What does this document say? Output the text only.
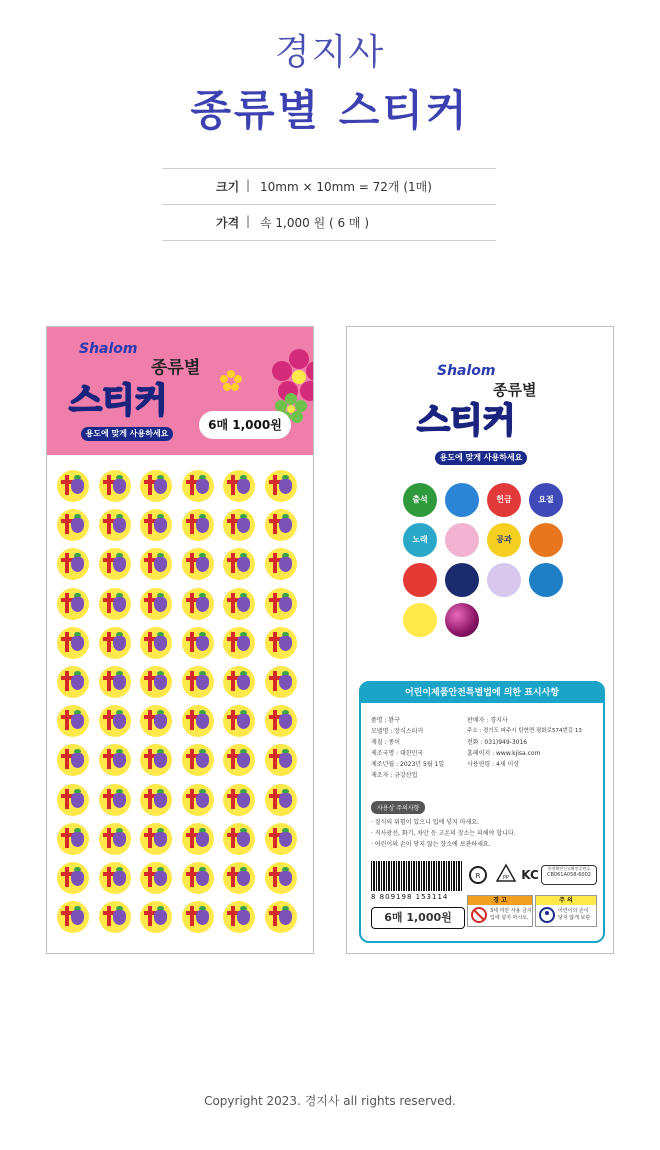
경지사
종류별 스티커
크기 | 10mm × 10mm = 72개 (1매)
가격 | 속 1,000 원 ( 6 매 )
Shalom
종류별
스티커
6매 1,000원
용도에 맞게 사용하세요
Shalom
종류별
스티커
용도에 맞게 사용하세요
출석	헌금	요절
노래	공과
어린이제품안전특별법에 의한 표시사항
품명 : 완구
모델명 : 장식스티커
재질 : 종이
제조국명 : 대한민국
제조년월 : 2023년 5월 1일
제조자 : 금강산업
판매자 : 경지사
주소 : 경기도 파주시 탄현면 평화로574번길 13
전화 : 031)949-3016
홈페이지 : www.kjisa.com
사용연령 : 4세 이상
사용상 주의사항
· 질식의 위험이 있으니 입에 넣지 마세요.
· 직사광선, 화기, 차안 등 고온의 장소는 피해야 합니다.
· 어린이의 손이 닿지 않는 장소에 보관하세요.
8 809198 153114
6매 1,000원
R	PP KC	안전확인신고확인증번호
CB061A058-6002
경 고
3세 미만 사용 금지
입에 넣지 마시오.
주 의
어린이의 손이
닿지 않게 보관
Copyright 2023. 경지사 all rights reserved.
